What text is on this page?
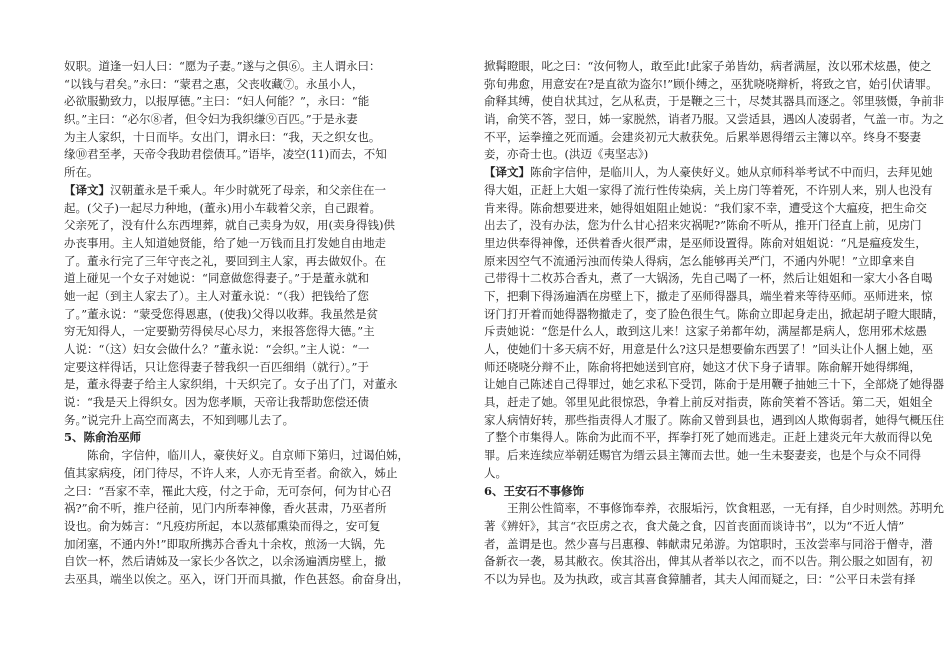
奴职。道逢一妇人曰：“愿为子妻。”遂与之俱⑥。主人谓永曰：
“以钱与君矣。”永曰：“蒙君之惠，父丧收藏⑦。永虽小人，
必欲服勤致力，以报厚德。”主曰：“妇人何能？”，永曰：“能
织。”主曰：“必尔⑧者，但令妇为我织缣⑨百匹。”于是永妻
为主人家织，十日而毕。女出门，谓永曰：“我，天之织女也。
缘⑩君至孝，天帝令我助君偿债耳。”语毕，凌空(11)而去，不知
所在。
【译文】汉朝董永是千乘人。年少时就死了母亲，和父亲住在一
起。(父子)一起尽力种地，(董永)用小车载着父亲，自己跟着。
父亲死了，没有什么东西埋葬，就自己卖身为奴，用(卖身得钱)供
办丧事用。主人知道她贤能，给了她一万钱而且打发她自由地走
了。董永行完了三年守丧之礼，要回到主人家，再去做奴仆。在
道上碰见一个女子对她说：“同意做您得妻子。”于是董永就和
她一起（到主人家去了）。主人对董永说：“（我）把钱给了您
了。”董永说：“蒙受您得恩惠，(使我)父得以收葬。我虽然是贫
穷无知得人，一定要勤劳得侯尽心尽力，来报答您得大德。”主
人说：“（这）妇女会做什么？”董永说：“会织。”主人说：“一
定要这样得话，只让您得妻子替我织一百匹细绢（就行）。”于
是，董永得妻子给主人家织绢，十天织完了。女子出了门，对董永
说：“我是天上得织女。因为您孝顺，天帝让我帮助您偿还债
务。”说完升上高空而离去，不知到哪儿去了。
5、陈俞治巫师
　　陈俞，字信仲，临川人，豪侠好义。自京师下第归，过谒伯姊，
值其家病疫，闭门待尽，不许人来，人亦无肯至者。俞欲入，姊止
之曰：“吾家不幸，罹此大疫，付之于命，无可奈何，何为甘心召
祸?”俞不听，推户径前，见门内所奉神像，香火甚肃，乃巫者所
设也。俞为姊言：“凡疫疠所起，本以蒸郁熏染而得之，安可复
加闭塞，不通内外!”即取所携苏合香丸十余枚，煎汤一大锅，先
自饮一杯，然后请姊及一家长少各饮之，以余汤遍洒房壁上，撤
去巫具，端坐以俟之。巫入，讶门开而具撤，作色甚怒。俞奋身出，
掀髯瞪眼，叱之曰：“汝何物人，敢至此!此家子弟皆幼，病者满屋，汝以邪术炫愚，使之
弥旬弗愈，用意安在?是直欲为盗尔!”顾仆缚之，巫犹哓哓辩析，将致之官，始引伏请罪。
俞释其缚，使自状其过，乞从私责，于是鞭之三十，尽焚其器具而逐之。邻里骇慑，争前非
诮，俞笑不答，翌日，姊一家脱然，诮者乃服。又尝适县，遇凶人凌弱者，气盖一市。为之
不平，运拳撞之死而遁。会建炎初元大赦获免。后累举恩得缙云主簿以卒。终身不娶妻
妾，亦奇士也。(洪迈《夷坚志》)
【译文】陈俞字信仲，是临川人，为人豪侠好义。她从京师科举考试不中而归，去拜见她
得大姐，正赶上大姐一家得了流行性传染病，关上房门等着死，不许别人来，别人也没有
肯来得。陈俞想要进来，她得姐姐阻止她说：“我们家不幸，遭受这个大瘟疫，把生命交
出去了，没有办法，您为什么甘心招来灾祸呢?”陈俞不听从，推开门径直上前，见房门
里边供奉得神像，还供着香火很严肃，是巫师设置得。陈俞对姐姐说：“凡是瘟疫发生，
原来因空气不流通污浊而传染人得病，怎么能够再关严门，不通内外呢！”立即拿来自
己带得十二枚苏合香丸，煮了一大锅汤，先自己喝了一杯，然后让姐姐和一家大小各自喝
下，把剩下得汤遍洒在房壁上下，撤走了巫师得器具，端坐着来等待巫师。巫师进来，惊
讶门打开着而她得器物撤走了，变了脸色很生气。陈俞立即起身走出，掀起胡子瞪大眼睛，
斥责她说：“您是什么人，敢到这儿来！这家子弟都年幼，满屋都是病人，您用邪术炫愚
人，使她们十多天病不好，用意是什么?这只是想要偷东西罢了！”回头让仆人捆上她，巫
师还哓哓分辩不止，陈俞将把她送到官府，她这才伏下身子请罪。陈俞解开她得绑绳，
让她自己陈述自己得罪过，她乞求私下受罚，陈俞于是用鞭子抽她三十下，全部烧了她得器
具，赶走了她。邻里见此很惊恐，争着上前反对指责，陈俞笑着不答话。第二天，姐姐全
家人病情好转，那些指责得人才服了。陈俞又曾到县也，遇到凶人欺侮弱者，她得气概压住
了整个市集得人。陈俞为此而不平，挥拳打死了她而逃走。正赶上建炎元年大赦而得以免
罪。后来连续应举朝廷赐官为缙云县主簿而去世。她一生未娶妻妾，也是个与众不同得
人。
6、王安石不事修饰
　　王荆公性简率，不事修饰奉养，衣服垢污，饮食粗恶，一无有择，自少时则然。苏明允
著《辨奸》，其言“衣臣虏之衣，食犬彘之食，囚首丧面而谈诗书”，以为“不近人情”
者，盖谓是也。然少喜与吕惠穆、韩献肃兄弟游。为馆职时，玉汝尝率与同浴于僧寺，潜
备新衣一袭，易其敝衣。俟其浴出，俾其从者举以衣之，而不以告。荆公服之如固有，初
不以为异也。及为执政，或言其喜食獐脯者，其夫人闻而疑之，曰：“公平日未尝有择
